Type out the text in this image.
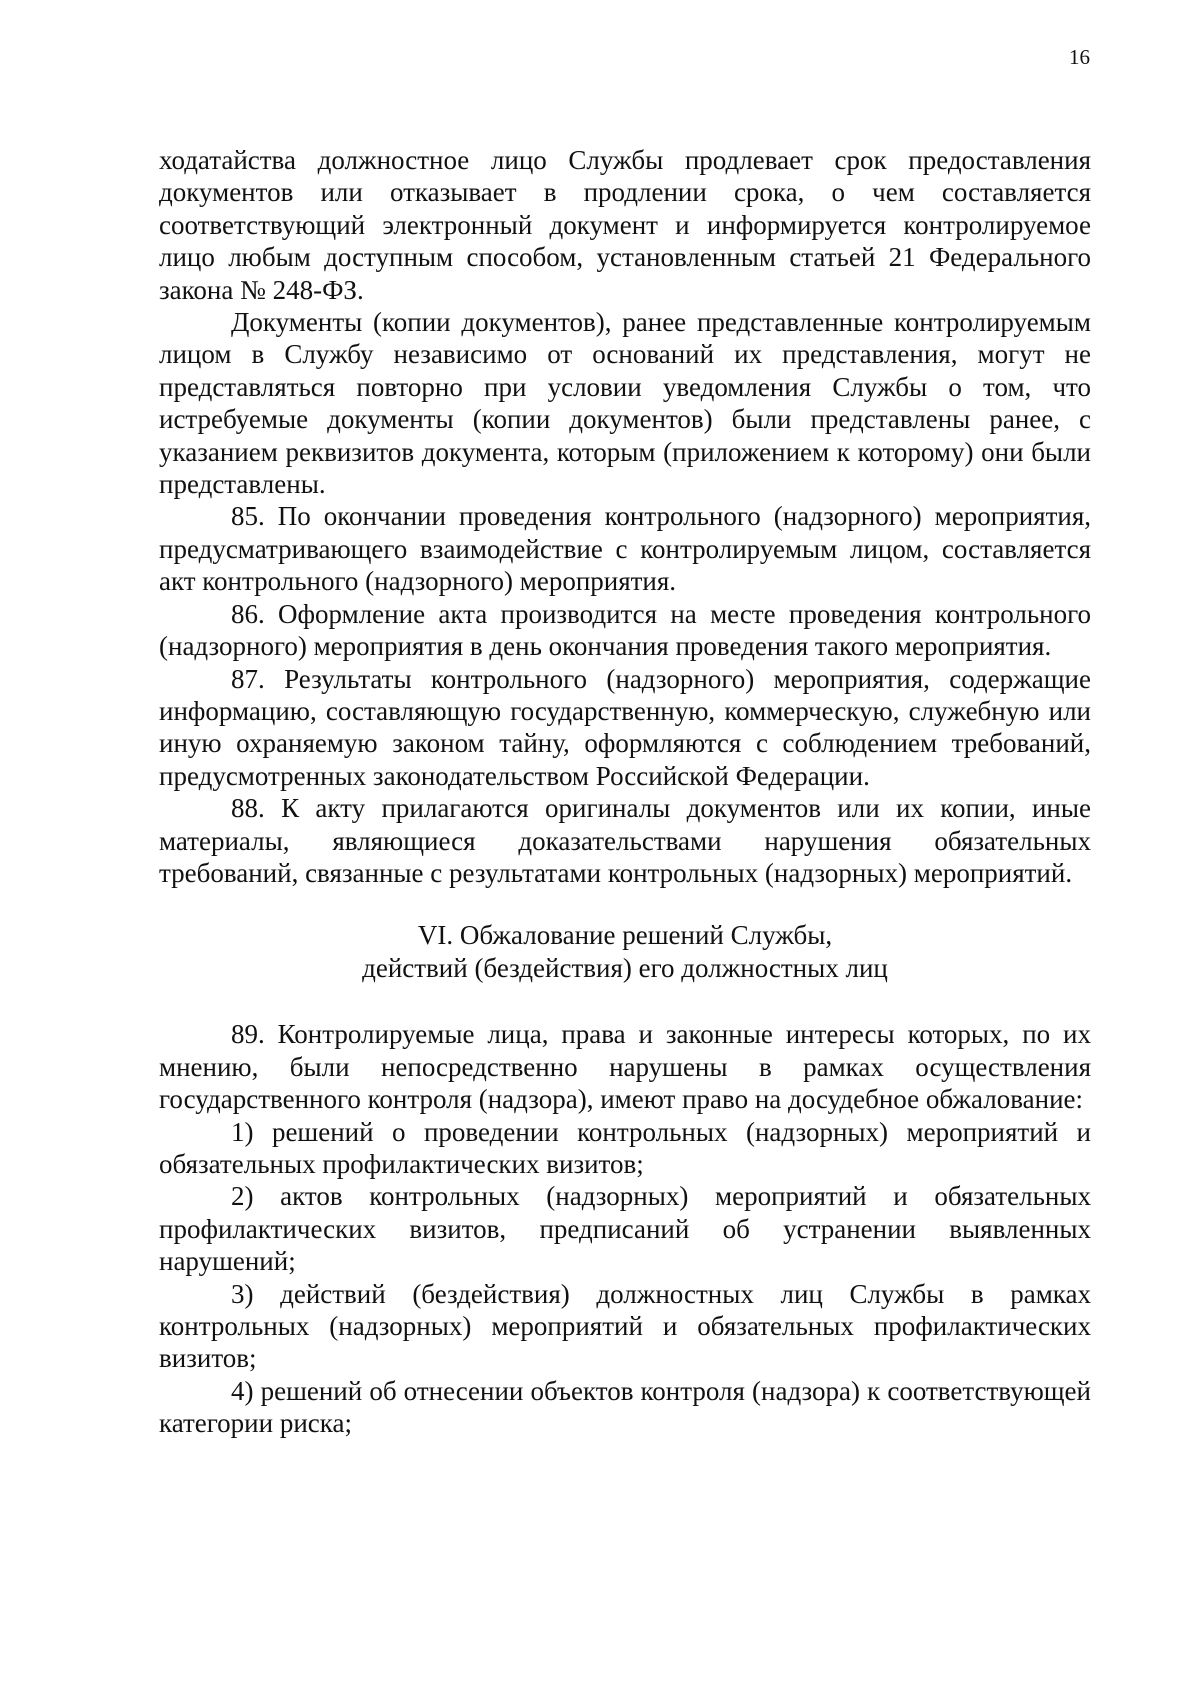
16

ходатайства должностное лицо Службы продлевает срок предоставления документов или отказывает в продлении срока, о чем составляется соответствующий электронный документ и информируется контролируемое лицо любым доступным способом, установленным статьей 21 Федерального закона № 248-ФЗ.

Документы (копии документов), ранее представленные контролируемым лицом в Службу независимо от оснований их представления, могут не представляться повторно при условии уведомления Службы о том, что истребуемые документы (копии документов) были представлены ранее, с указанием реквизитов документа, которым (приложением к которому) они были представлены.

85. По окончании проведения контрольного (надзорного) мероприятия, предусматривающего взаимодействие с контролируемым лицом, составляется акт контрольного (надзорного) мероприятия.

86. Оформление акта производится на месте проведения контрольного (надзорного) мероприятия в день окончания проведения такого мероприятия.

87. Результаты контрольного (надзорного) мероприятия, содержащие информацию, составляющую государственную, коммерческую, служебную или иную охраняемую законом тайну, оформляются с соблюдением требований, предусмотренных законодательством Российской Федерации.

88. К акту прилагаются оригиналы документов или их копии, иные материалы, являющиеся доказательствами нарушения обязательных требований, связанные с результатами контрольных (надзорных) мероприятий.

VI. Обжалование решений Службы,
действий (бездействия) его должностных лиц

89. Контролируемые лица, права и законные интересы которых, по их мнению, были непосредственно нарушены в рамках осуществления государственного контроля (надзора), имеют право на досудебное обжалование:

1) решений о проведении контрольных (надзорных) мероприятий и обязательных профилактических визитов;

2) актов контрольных (надзорных) мероприятий и обязательных профилактических визитов, предписаний об устранении выявленных нарушений;

3) действий (бездействия) должностных лиц Службы в рамках контрольных (надзорных) мероприятий и обязательных профилактических визитов;

4) решений об отнесении объектов контроля (надзора) к соответствующей категории риска;
